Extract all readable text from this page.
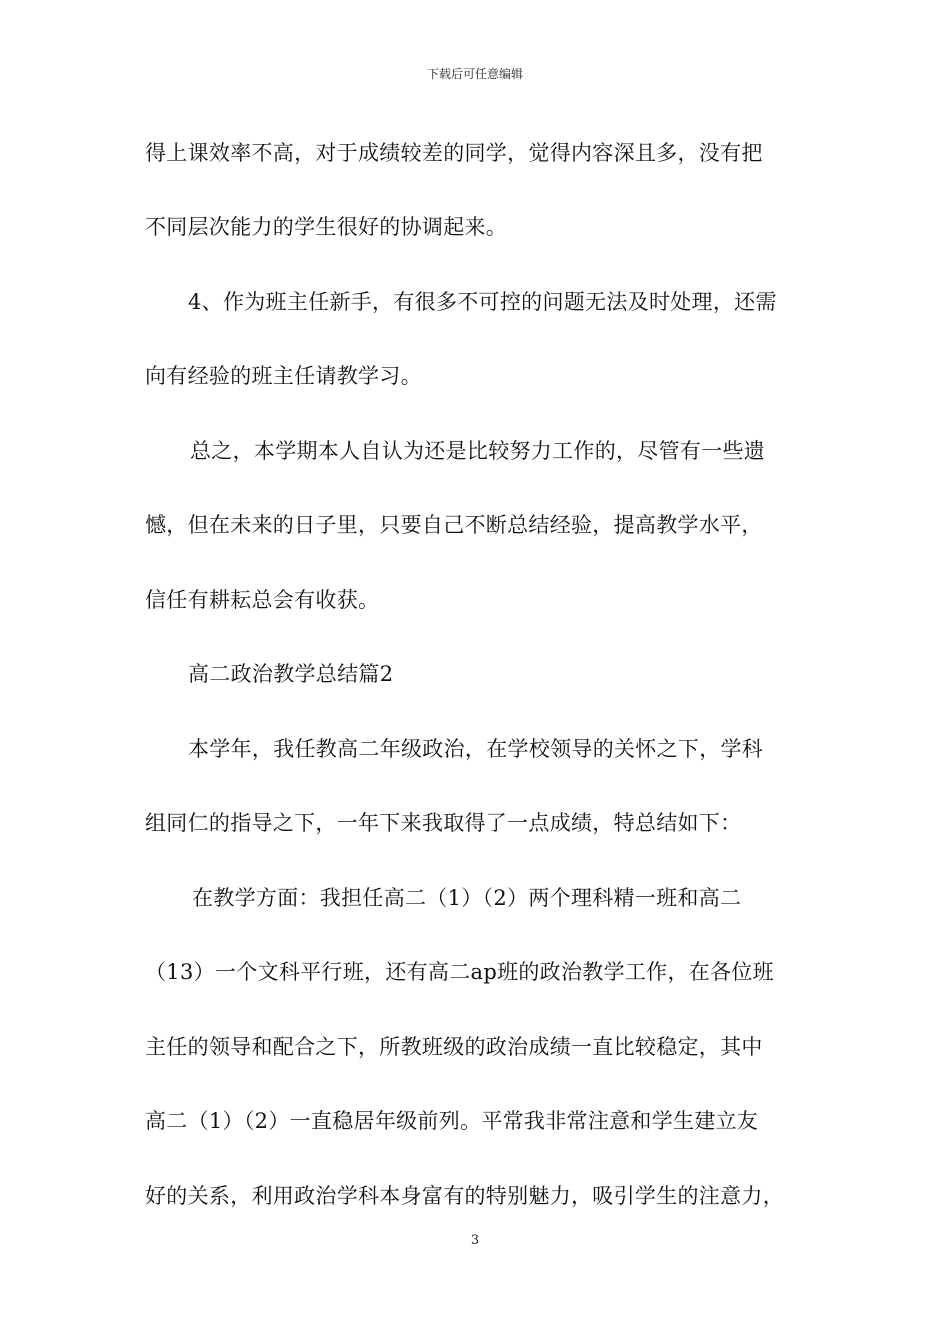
下载后可任意编辑
得上课效率不高，对于成绩较差的同学，觉得内容深且多，没有把
不同层次能力的学生很好的协调起来。
4、作为班主任新手，有很多不可控的问题无法及时处理，还需
向有经验的班主任请教学习。
总之，本学期本人自认为还是比较努力工作的，尽管有一些遗
憾，但在未来的日子里，只要自己不断总结经验，提高教学水平，
信任有耕耘总会有收获。
高二政治教学总结篇2
本学年，我任教高二年级政治，在学校领导的关怀之下，学科
组同仁的指导之下，一年下来我取得了一点成绩，特总结如下：
在教学方面：我担任高二（1）（2）两个理科精一班和高二
（13）一个文科平行班，还有高二ap班的政治教学工作，在各位班
主任的领导和配合之下，所教班级的政治成绩一直比较稳定，其中
高二（1）（2）一直稳居年级前列。平常我非常注意和学生建立友
好的关系，利用政治学科本身富有的特别魅力，吸引学生的注意力，
3
